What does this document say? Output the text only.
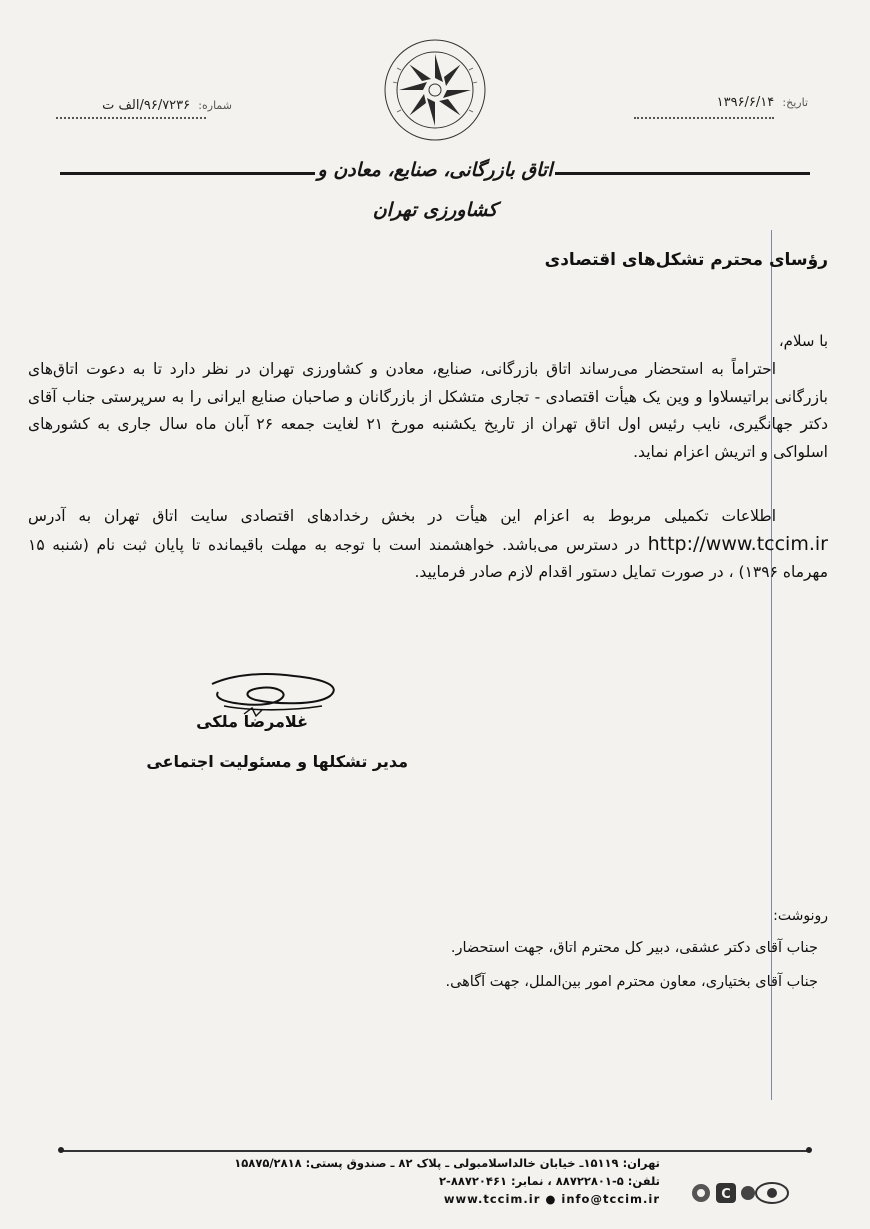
تاریخ: ۱۳۹۶/۶/۱۴
شماره: ۹۶/۷۲۳۶/الف ت
اتاق بازرگانی، صنایع، معادن و کشاورزی تهران
رؤسای محترم تشکل‌های اقتصادی
با سلام،
احتراماً به استحضار می‌رساند اتاق بازرگانی، صنایع، معادن و کشاورزی تهران در نظر دارد تا به دعوت اتاق‌های بازرگانی براتیسلاوا و وین یک هیأت اقتصادی - تجاری متشکل از بازرگانان و صاحبان صنایع ایرانی را به سرپرستی جناب آقای دکتر جهانگیری، نایب رئیس اول اتاق تهران از تاریخ یکشنبه مورخ ۲۱ لغایت جمعه ۲۶ آبان ماه سال جاری به کشورهای اسلواکی و اتریش اعزام نماید.
اطلاعات تکمیلی مربوط به اعزام این هیأت در بخش رخدادهای اقتصادی سایت اتاق تهران به آدرس http://www.tccim.ir در دسترس می‌باشد. خواهشمند است با توجه به مهلت باقیمانده تا پایان ثبت نام (شنبه ۱۵ مهرماه ۱۳۹۶) ، در صورت تمایل دستور اقدام لازم صادر فرمایید.
غلامرضا ملکی
مدیر تشکلها و مسئولیت اجتماعی
رونوشت:
جناب آقای دکتر عشقی، دبیر کل محترم اتاق، جهت استحضار.
جناب آقای بختیاری، معاون محترم امور بین‌الملل، جهت آگاهی.
تهران: ۱۵۱۱۹ـ خیابان خالداسلامبولی ـ پلاک ۸۲ ـ صندوق پستی: ۱۵۸۷۵/۲۸۱۸
تلفن: ۵-۸۸۷۲۲۸۰۱ ، نمابر: ۸۸۷۲۰۴۶۱-۲
www.tccim.ir ● info@tccim.ir	C
